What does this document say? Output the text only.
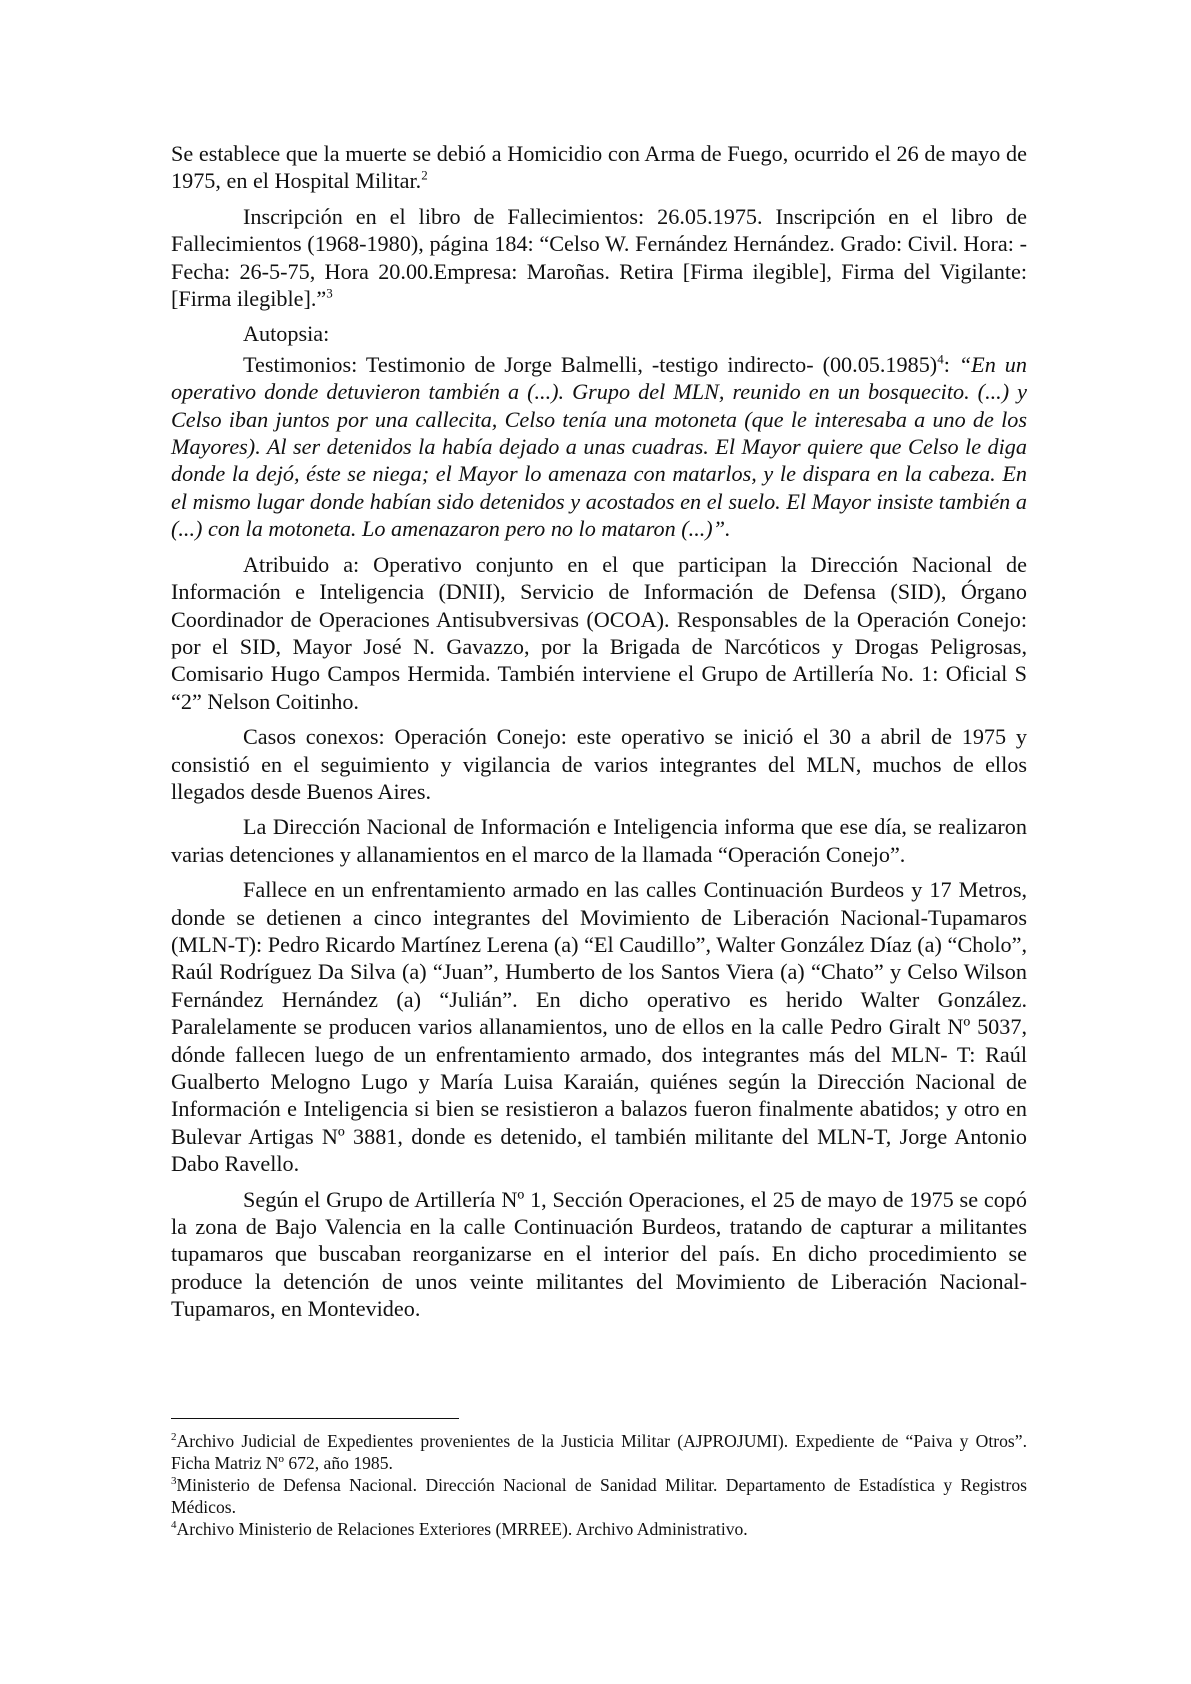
Se establece que la muerte se debió a Homicidio con Arma de Fuego, ocurrido el 26 de mayo de 1975, en el Hospital Militar.$^2$

Inscripción en el libro de Fallecimientos: 26.05.1975. Inscripción en el libro de Fallecimientos (1968-1980), página 184: “Celso W. Fernández Hernández. Grado: Civil. Hora: - Fecha: 26-5-75, Hora 20.00.Empresa: Maroñas. Retira [Firma ilegible], Firma del Vigilante: [Firma ilegible].”$^3$

Autopsia:

Testimonios: Testimonio de Jorge Balmelli, -testigo indirecto- $(00.05.1985)^4$: “En un operativo donde detuvieron también a (...). Grupo del MLN, reunido en un bosquecito. (...) y Celso iban juntos por una callecita, Celso tenía una motoneta (que le interesaba a uno de los Mayores). Al ser detenidos la había dejado a unas cuadras. El Mayor quiere que Celso le diga donde la dejó, éste se niega; el Mayor lo amenaza con matarlos, y le dispara en la cabeza. En el mismo lugar donde habían sido detenidos y acostados en el suelo. El Mayor insiste también a (...) con la motoneta. Lo amenazaron pero no lo mataron (...)”.

Atribuido a: Operativo conjunto en el que participan la Dirección Nacional de Información e Inteligencia (DNII), Servicio de Información de Defensa (SID), Órgano Coordinador de Operaciones Antisubversivas (OCOA). Responsables de la Operación Conejo: por el SID, Mayor José N. Gavazzo, por la Brigada de Narcóticos y Drogas Peligrosas, Comisario Hugo Campos Hermida. También interviene el Grupo de Artillería No. 1: Oficial S “2” Nelson Coitinho.

Casos conexos: Operación Conejo: este operativo se inició el 30 a abril de 1975 y consistió en el seguimiento y vigilancia de varios integrantes del MLN, muchos de ellos llegados desde Buenos Aires.

La Dirección Nacional de Información e Inteligencia informa que ese día, se realizaron varias detenciones y allanamientos en el marco de la llamada “Operación Conejo”.

Fallece en un enfrentamiento armado en las calles Continuación Burdeos y 17 Metros, donde se detienen a cinco integrantes del Movimiento de Liberación Nacional-Tupamaros (MLN-T): Pedro Ricardo Martínez Lerena (a) “El Caudillo”, Walter González Díaz (a) “Cholo”, Raúl Rodríguez Da Silva (a) “Juan”, Humberto de los Santos Viera (a) “Chato” y Celso Wilson Fernández Hernández (a) “Julián”. En dicho operativo es herido Walter González. Paralelamente se producen varios allanamientos, uno de ellos en la calle Pedro Giralt Nº 5037, dónde fallecen luego de un enfrentamiento armado, dos integrantes más del MLN- T: Raúl Gualberto Melogno Lugo y María Luisa Karaián, quiénes según la Dirección Nacional de Información e Inteligencia si bien se resistieron a balazos fueron finalmente abatidos; y otro en Bulevar Artigas Nº 3881, donde es detenido, el también militante del MLN-T, Jorge Antonio Dabo Ravello.

Según el Grupo de Artillería Nº 1, Sección Operaciones, el 25 de mayo de 1975 se copó la zona de Bajo Valencia en la calle Continuación Burdeos, tratando de capturar a militantes tupamaros que buscaban reorganizarse en el interior del país. En dicho procedimiento se produce la detención de unos veinte militantes del Movimiento de Liberación Nacional- Tupamaros, en Montevideo.

$^2$Archivo Judicial de Expedientes provenientes de la Justicia Militar (AJPROJUMI). Expediente de “Paiva y Otros”. Ficha Matriz Nº 672, año 1985.

$^3$Ministerio de Defensa Nacional. Dirección Nacional de Sanidad Militar. Departamento de Estadística y Registros Médicos.

$^4$Archivo Ministerio de Relaciones Exteriores (MRREE). Archivo Administrativo.
